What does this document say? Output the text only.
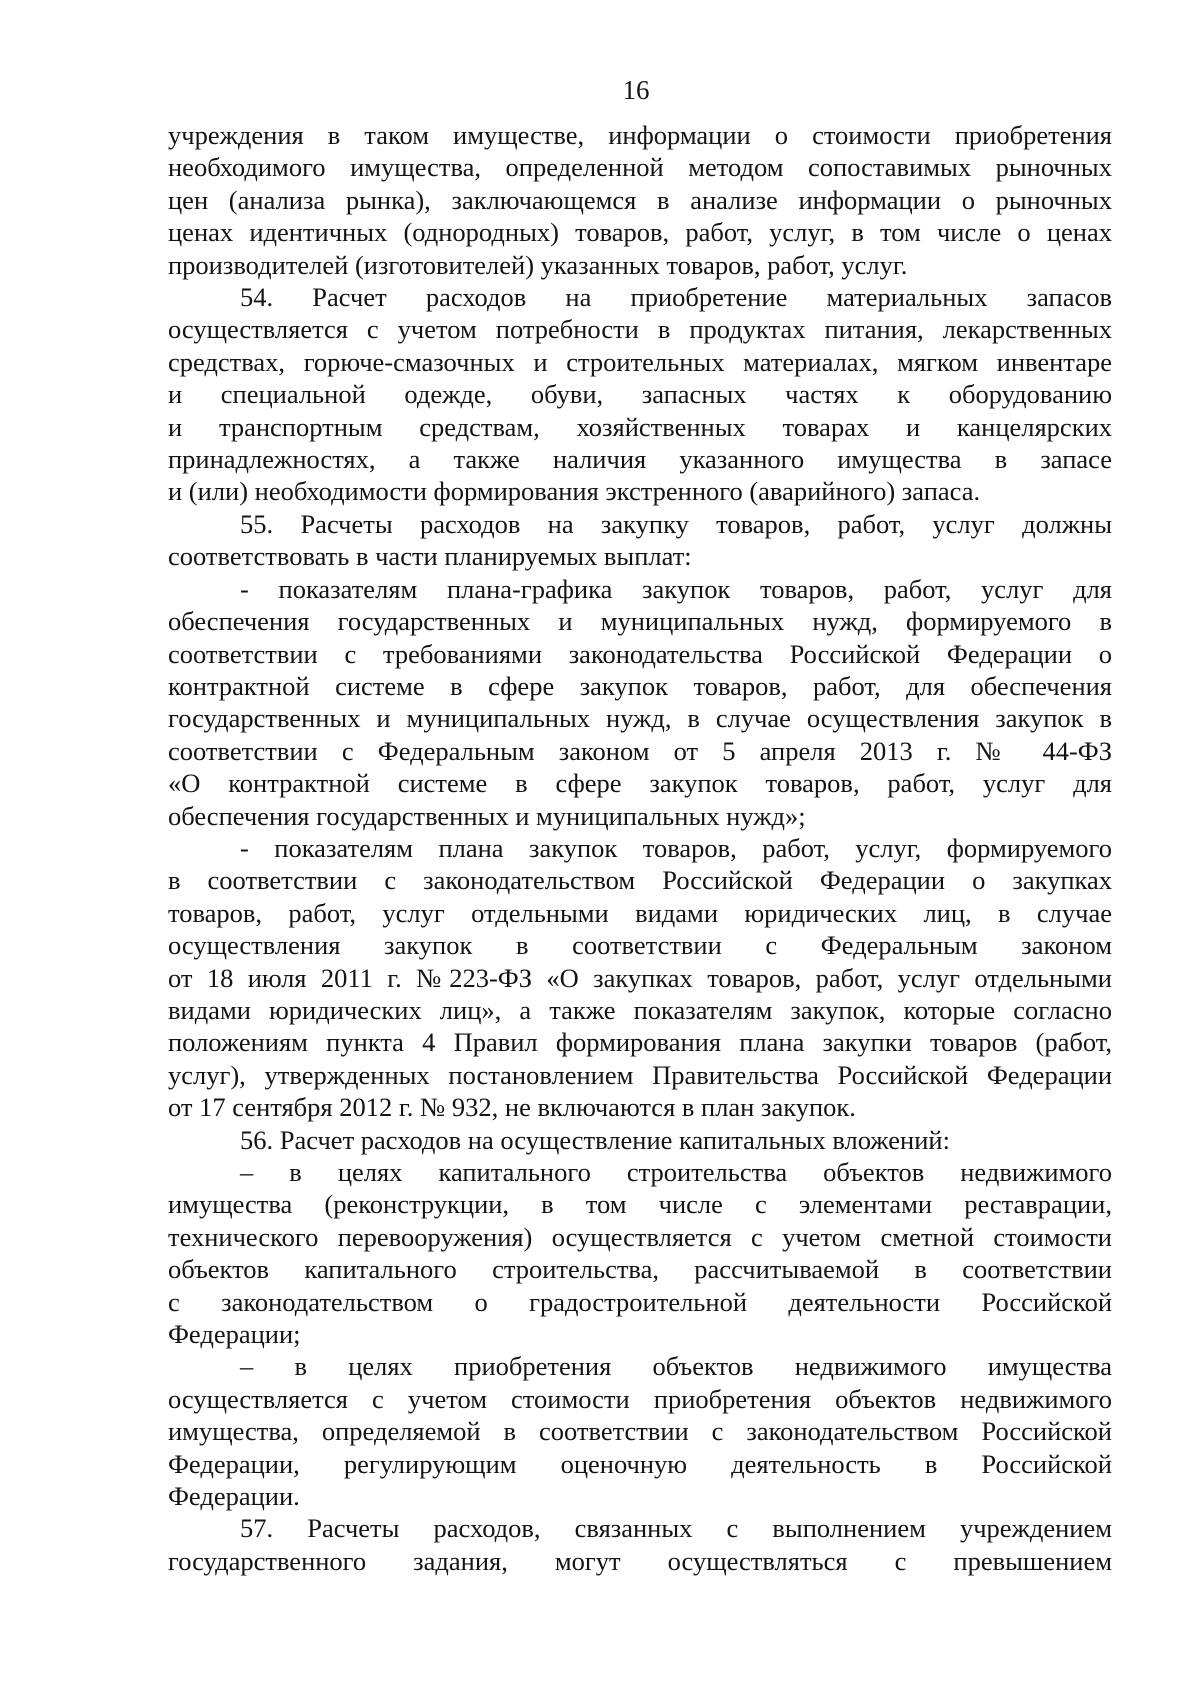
16
учреждения в таком имуществе, информации о стоимости приобретения
необходимого имущества, определенной методом сопоставимых рыночных
цен (анализа рынка), заключающемся в анализе информации о рыночных
ценах идентичных (однородных) товаров, работ, услуг, в том числе о ценах
производителей (изготовителей) указанных товаров, работ, услуг.
54. Расчет расходов на приобретение материальных запасов
осуществляется с учетом потребности в продуктах питания, лекарственных
средствах, горюче-смазочных и строительных материалах, мягком инвентаре
и специальной одежде, обуви, запасных частях к оборудованию
и транспортным средствам, хозяйственных товарах и канцелярских
принадлежностях, а также наличия указанного имущества в запасе
и (или) необходимости формирования экстренного (аварийного) запаса.
55. Расчеты расходов на закупку товаров, работ, услуг должны
соответствовать в части планируемых выплат:
- показателям плана-графика закупок товаров, работ, услуг для
обеспечения государственных и муниципальных нужд, формируемого в
соответствии с требованиями законодательства Российской Федерации о
контрактной системе в сфере закупок товаров, работ, для обеспечения
государственных и муниципальных нужд, в случае осуществления закупок в
соответствии с Федеральным законом от 5 апреля 2013 г. № 44-ФЗ
«О контрактной системе в сфере закупок товаров, работ, услуг для
обеспечения государственных и муниципальных нужд»;
- показателям плана закупок товаров, работ, услуг, формируемого
в соответствии с законодательством Российской Федерации о закупках
товаров, работ, услуг отдельными видами юридических лиц, в случае
осуществления закупок в соответствии с Федеральным законом
от 18 июля 2011 г. №223-ФЗ «О закупках товаров, работ, услуг отдельными
видами юридических лиц», а также показателям закупок, которые согласно
положениям пункта 4 Правил формирования плана закупки товаров (работ,
услуг), утвержденных постановлением Правительства Российской Федерации
от 17 сентября 2012 г. № 932, не включаются в план закупок.
56. Расчет расходов на осуществление капитальных вложений:
– в целях капитального строительства объектов недвижимого
имущества (реконструкции, в том числе с элементами реставрации,
технического перевооружения) осуществляется с учетом сметной стоимости
объектов капитального строительства, рассчитываемой в соответствии
с законодательством о градостроительной деятельности Российской
Федерации;
– в целях приобретения объектов недвижимого имущества
осуществляется с учетом стоимости приобретения объектов недвижимого
имущества, определяемой в соответствии с законодательством Российской
Федерации, регулирующим оценочную деятельность в Российской
Федерации.
57. Расчеты расходов, связанных с выполнением учреждением
государственного задания, могут осуществляться с превышением
